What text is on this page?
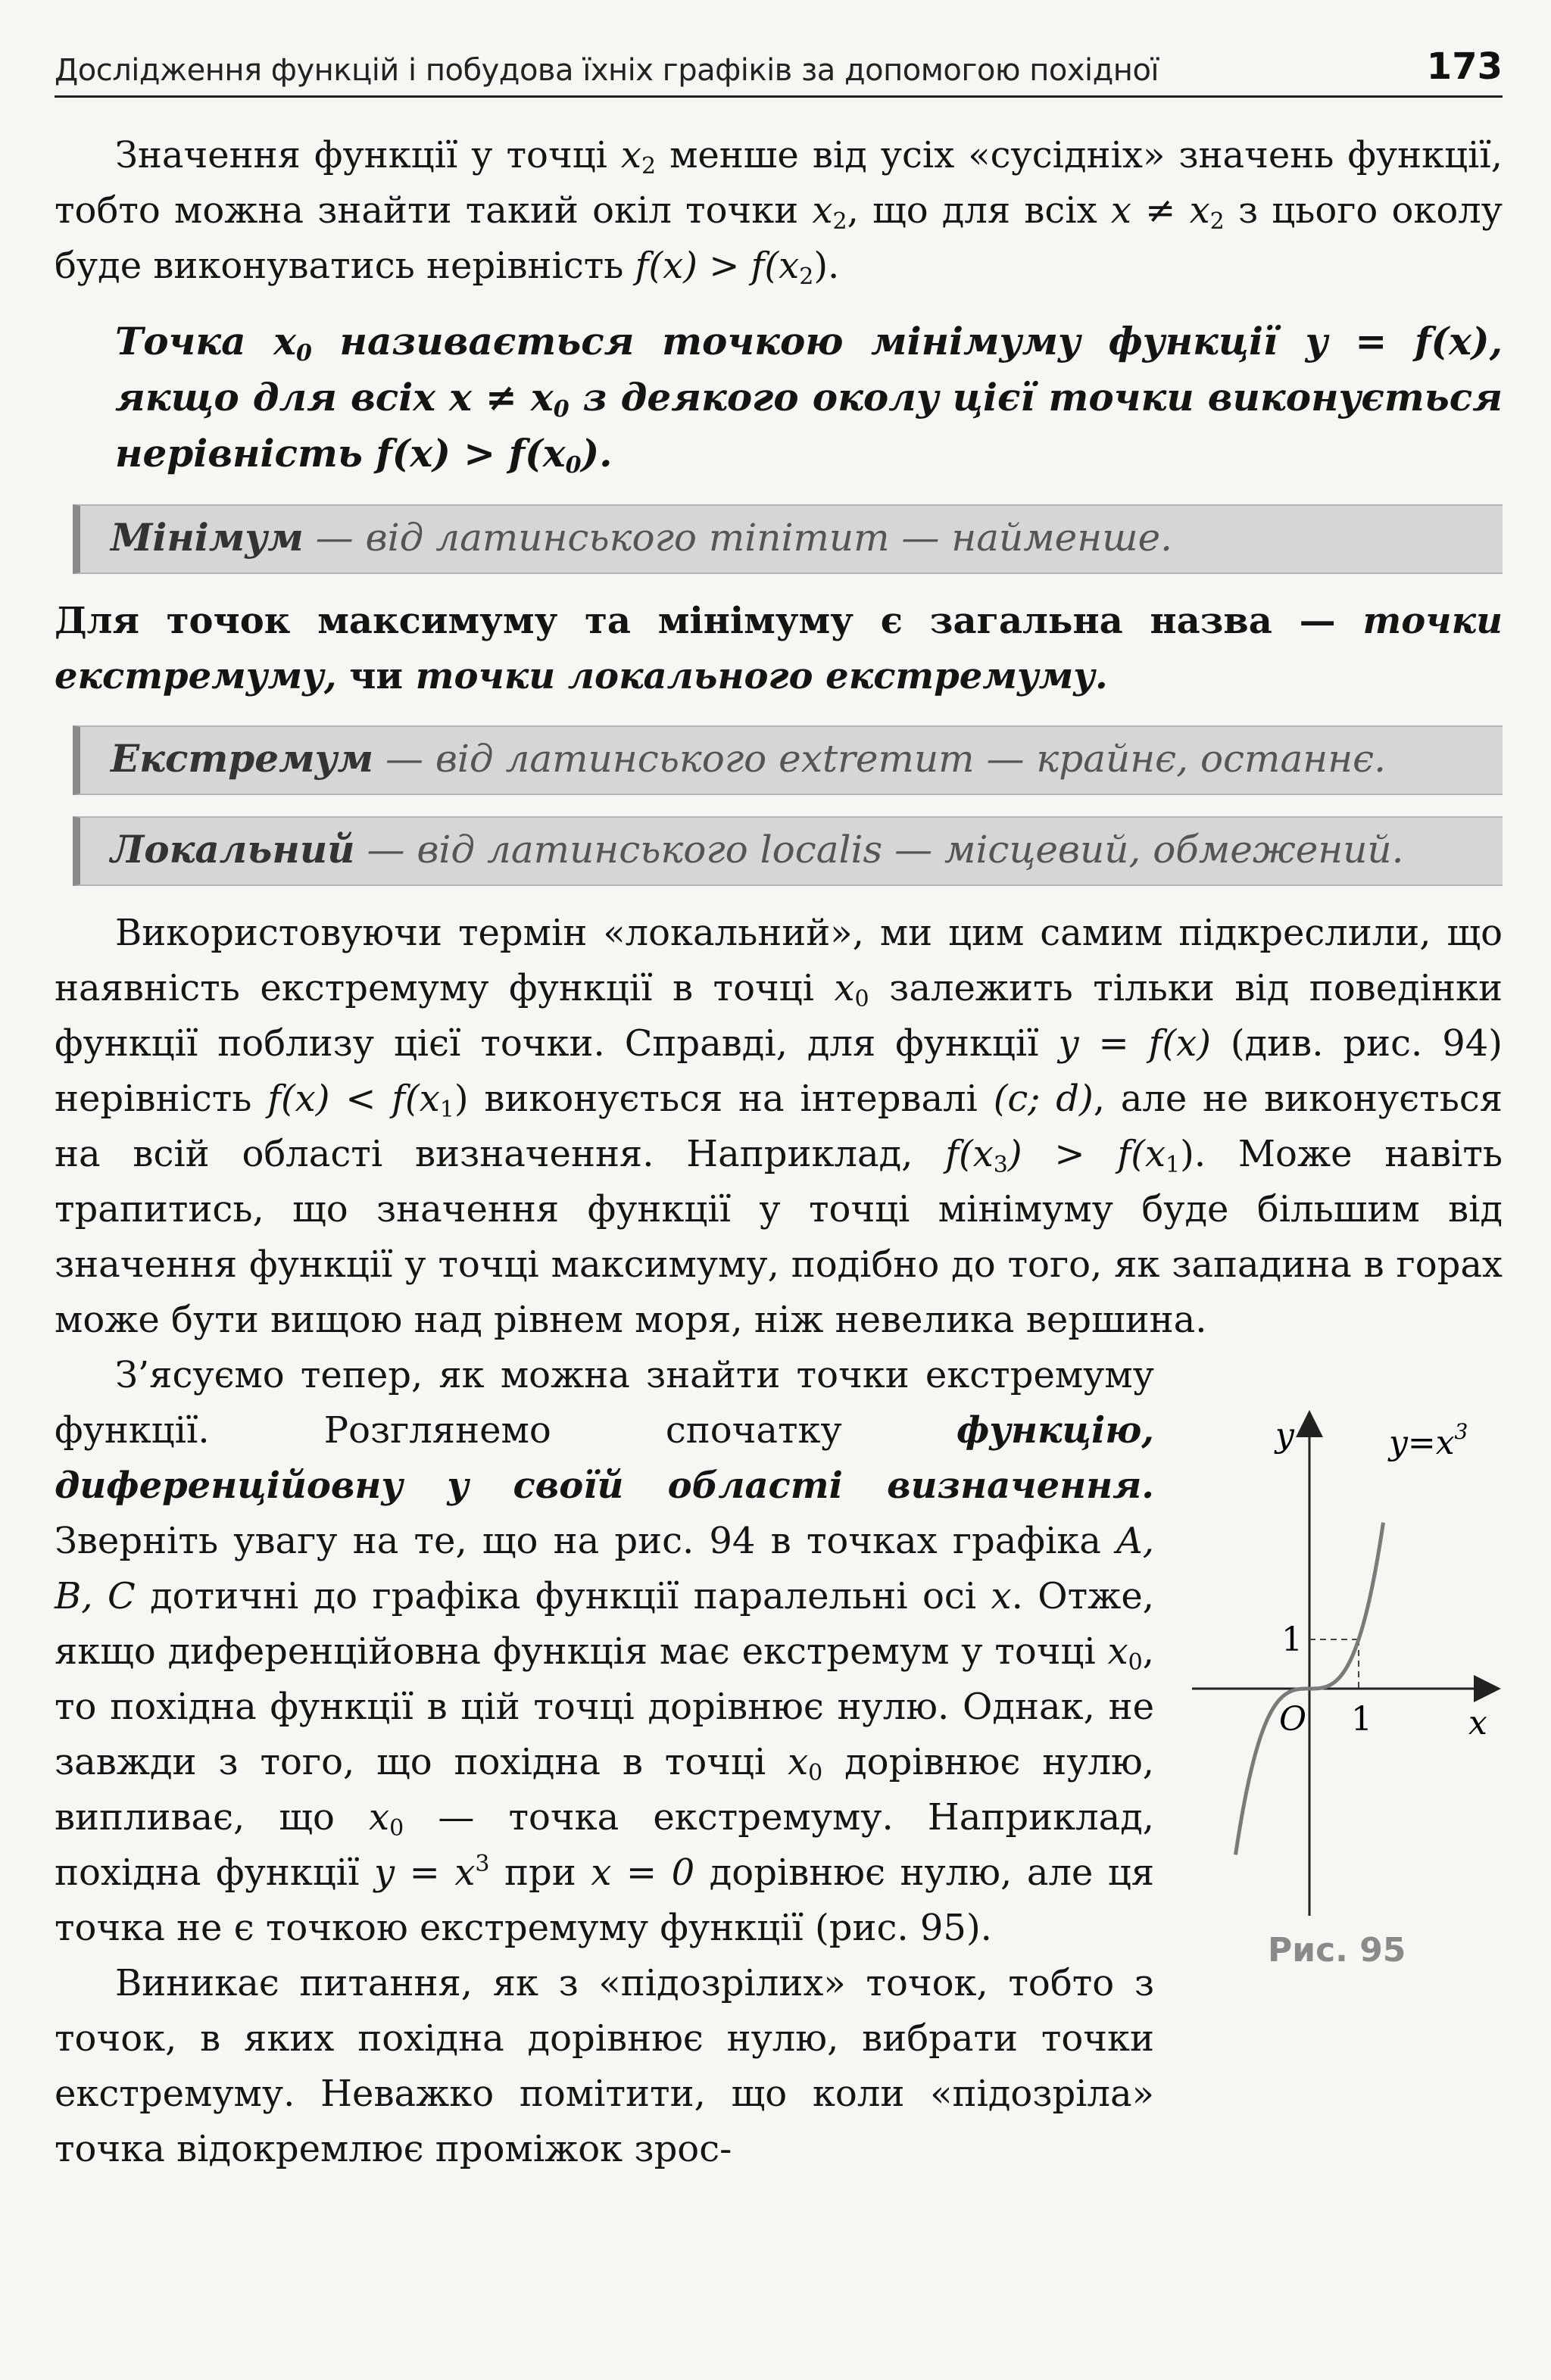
Дослідження функцій і побудова їхніх графіків за допомогою похідної	173

Значення функції у точці $x_2$ менше від усіх «сусідніх» значень функції, тобто можна знайти такий окіл точки $x_2$, що для всіх $x \ne x_2$ з цього околу буде виконуватись нерівність $f(x) > f(x_2)$.

Точка $x_0$ називається точкою мінімуму функції y = f(x), якщо для всіх $x \ne x_0$ з деякого околу цієї точки виконується нерівність $f(x) > f(x_0)$.
Мінімум — від латинського minimum — найменше.

Для точок максимуму та мінімуму є загальна назва — точки екстремуму, чи точки локального екстремуму.

Екстремум — від латинського extremum — крайнє, останнє.
Локальний — від латинського localis — місцевий, обмежений.

Використовуючи термін «локальний», ми цим самим підкреслили, що наявність екстремуму функції в точці $x_0$ залежить тільки від поведінки функції поблизу цієї точки. Справді, для функції y = f(x) (див. рис. 94) нерівність $f(x) < f(x_1)$ виконується на інтервалі (c; d), але не виконується на всій області визначення. Наприклад, $f(x_3) > f(x_1)$. Може навіть трапитись, що значення функції у точці мінімуму буде більшим від значення функції у точці максимуму, подібно до того, як западина в горах може бути вищою над рівнем моря, ніж невелика вершина.

y
x
O 1
1
$y=x^3$
Рис. 95

З’ясуємо тепер, як можна знайти точки екстремуму функції. Розглянемо спочатку функцію, диференційовну у своїй області визначення. Зверніть увагу на те, що на рис. 94 в точках графіка A, B, C дотичні до графіка функції паралельні осі x. Отже, якщо диференційовна функція має екстремум у точці $x_0$, то похідна функції в цій точці дорівнює нулю. Однак, не завжди з того, що похідна в точці $x_0$ дорівнює нулю, випливає, що $x_0$ — точка екстремуму. Наприклад, похідна функції $y = x^3$ при x = 0 дорівнює нулю, але ця точка не є точкою екстремуму функції (рис. 95).

Виникає питання, як з «підозрілих» точок, тобто з точок, в яких похідна дорівнює нулю, вибрати точки екстремуму. Неважко помітити, що коли «підозріла» точка відокремлює проміжок зрос-
